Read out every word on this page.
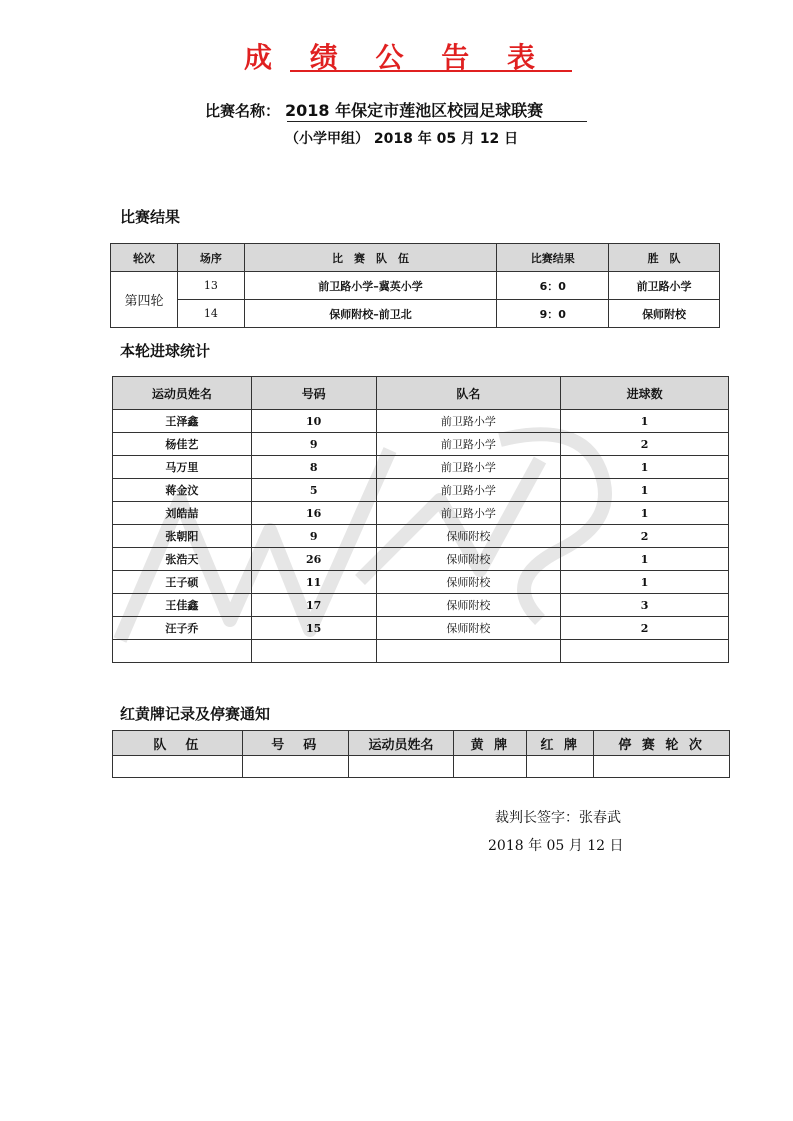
成 绩 公 告 表
比赛名称： 2018 年保定市莲池区校园足球联赛
（小学甲组） 2018 年 05 月 12 日
比赛结果
轮次	场序	比　赛　队　伍	比赛结果	胜　队
第四轮	13	前卫路小学–冀英小学	6：0	前卫路小学
	14	保师附校–前卫北	9：0	保师附校
本轮进球统计
运动员姓名	号码	队名	进球数
王泽鑫	10	前卫路小学	1
杨佳艺	9	前卫路小学	2
马万里	8	前卫路小学	1
蒋金汶	5	前卫路小学	1
刘皓喆	16	前卫路小学	1
张朝阳	9	保师附校	2
张浩天	26	保师附校	1
王子硕	11	保师附校	1
王佳鑫	17	保师附校	3
汪子乔	15	保师附校	2

红黄牌记录及停赛通知
队　伍	号　码	运动员姓名	黄 牌	红 牌	停 赛 轮 次

裁判长签字：张春武
2018 年 05 月 12 日
